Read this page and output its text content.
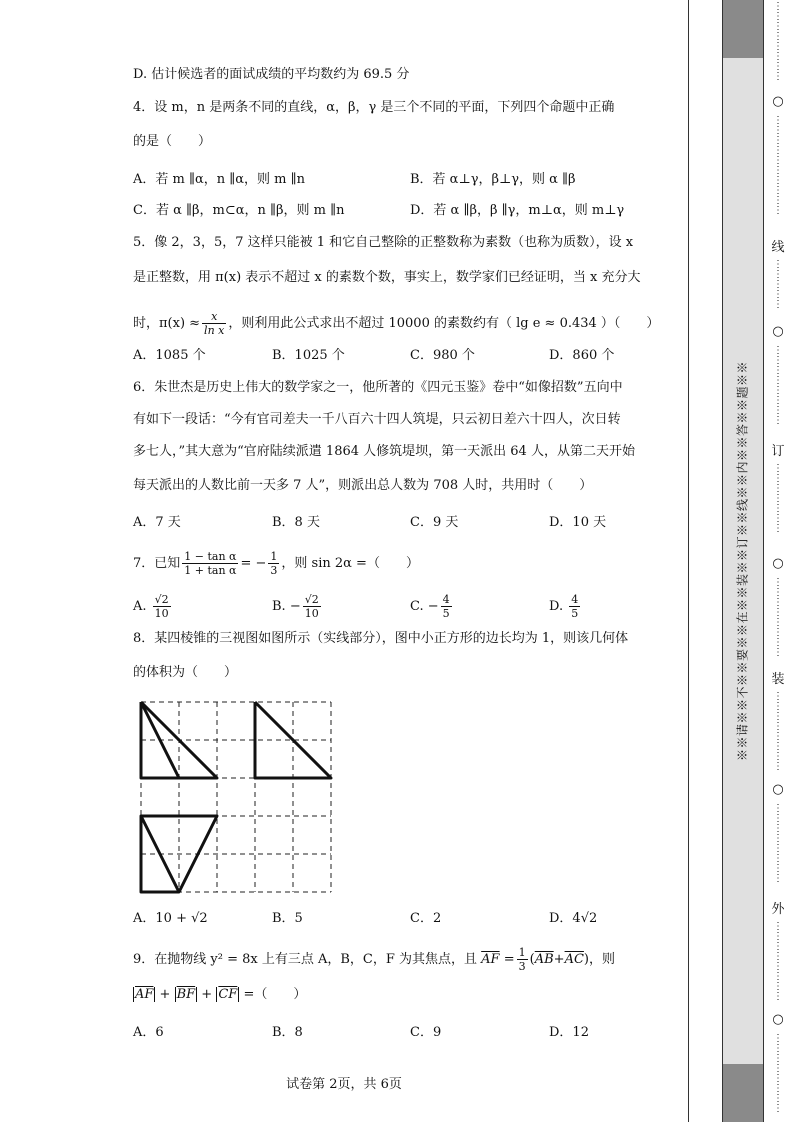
D. 估计候选者的面试成绩的平均数约为 69.5 分
4．设 m，n 是两条不同的直线，α，β，γ 是三个不同的平面，下列四个命题中正确
的是（　　）
A．若 m ∥α，n ∥α，则 m ∥n	B．若 α⊥γ，β⊥γ，则 α ∥β
C．若 α ∥β，m⊂α，n ∥β，则 m ∥n	D．若 α ∥β，β ∥γ，m⊥α，则 m⊥γ
5．像 2，3，5，7 这样只能被 1 和它自己整除的正整数称为素数（也称为质数），设 x
是正整数，用 π(x) 表示不超过 x 的素数个数，事实上，数学家们已经证明，当 x 充分大
时，$\pi(x) \approx \frac{x}{\text{ln x}}$ ，则利用此公式求出不超过 10000 的素数约有（ lg e ≈ 0.434 ）（　　）
A．1085 个	B．1025 个	C．980 个	D．860 个
6．朱世杰是历史上伟大的数学家之一，他所著的《四元玉鉴》卷中“如像招数”五向中
有如下一段话：“今有官司差夫一千八百六十四人筑堤，只云初日差六十四人，次日转
多七人，”其大意为“官府陆续派遣 1864 人修筑堤坝，第一天派出 64 人，从第二天开始
每天派出的人数比前一天多 7 人”，则派出总人数为 708 人时，共用时（　　）
A．7 天	B．8 天	C．9 天	D．10 天
7．已知 $\frac{\text{1 − tan α}}{\text{1 + tan α}}$ = − $\frac{1}{3}$ ，则 sin 2α =（　　）
A. $\frac{√2}{10}$	B. − $\frac{√2}{10}$	C. − $\frac{4}{5}$	D. $\frac{4}{5}$
8．某四棱锥的三视图如图所示（实线部分），图中小正方形的边长均为 1，则该几何体
的体积为（　　）
A．10 + √2	B．5	C．2	D．4√2
9．在抛物线 y² = 8x 上有三点 A，B，C，F 为其焦点，且 $\overline{AF} = \frac{1}{3} (\overline{AB}+\overline{AC})$，则
$\overline{AF} + \overline{BF} + \overline{CF}$ =（　　）
A．6	B．8	C．9	D．12
试卷第 2页，共 6页
※※请※※不※※要※※在※※装※※订※※线※※内※※答※※题※※
⋮
⋮
⋮
⋮
⋮
⋮
⋮
⋮
○
⋮
⋮
⋮
⋮
⋮
⋮
⋮
⋮
⋮
⋮
线
⋮
⋮
⋮
⋮
⋮
○
⋮
⋮
⋮
⋮
⋮
⋮
⋮
⋮
订
⋮
⋮
⋮
⋮
⋮
⋮
⋮
○
⋮
⋮
⋮
⋮
⋮
⋮
⋮
⋮
装
⋮
⋮
⋮
⋮
⋮
⋮
⋮
⋮
○
⋮
⋮
⋮
⋮
⋮
⋮
⋮
⋮
外
⋮
⋮
⋮
⋮
⋮
⋮
⋮
⋮
○
⋮
⋮
⋮
⋮
⋮
⋮
⋮
⋮
